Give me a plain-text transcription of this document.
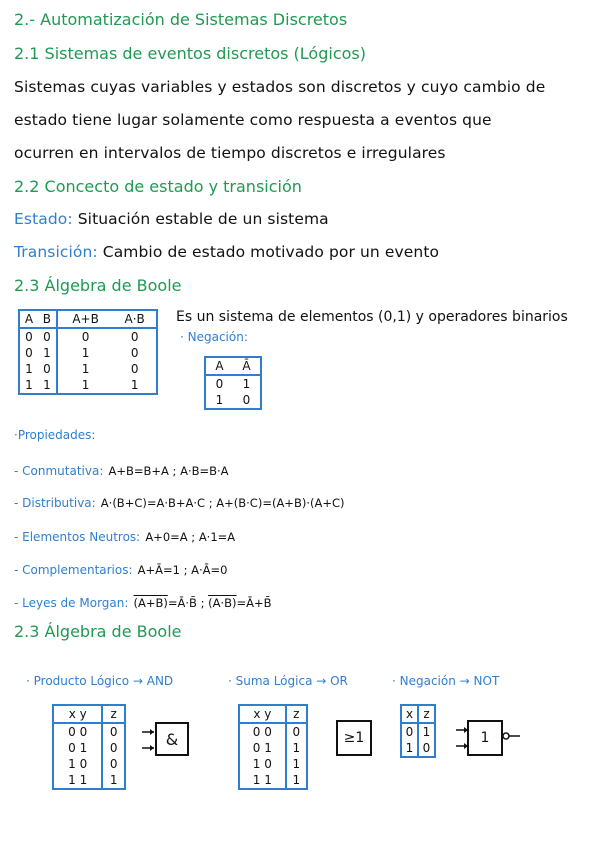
2.- Automatización de Sistemas Discretos
2.1 Sistemas de eventos discretos (Lógicos)
Sistemas cuyas variables y estados son discretos y cuyo cambio de
estado tiene lugar solamente como respuesta a eventos que
ocurren en intervalos de tiempo discretos e irregulares
2.2 Concecto de estado y transición
Estado: Situación estable de un sistema
Transición: Cambio de estado motivado por un evento
2.3 Álgebra de Boole
A	B	A+B	A·B
0	0	0	0
0	1	1	0
1	0	1	0
1	1	1	1
Es un sistema de elementos (0,1) y operadores binarios
· Negación:
A	Ā
0	1
1	0
·Propiedades:
- Conmutativa: A+B=B+A ; A·B=B·A
- Distributiva: A·(B+C)=A·B+A·C ; A+(B·C)=(A+B)·(A+C)
- Elementos Neutros: A+0=A ; A·1=A
- Complementarios: A+Ā=1 ; A·Ā=0
- Leyes de Morgan: (A+B)=Ā·B̄ ; (A·B)=Ā+B̄
2.3 Álgebra de Boole
· Producto Lógico → AND	· Suma Lógica → OR	· Negación → NOT
x y	z
0 0	0
0 1	0
1 0	0
1 1	1
&
x y	z
0 0	0
0 1	1
1 0	1
1 1	1
≥1
x	z
0	1
1	0
1
